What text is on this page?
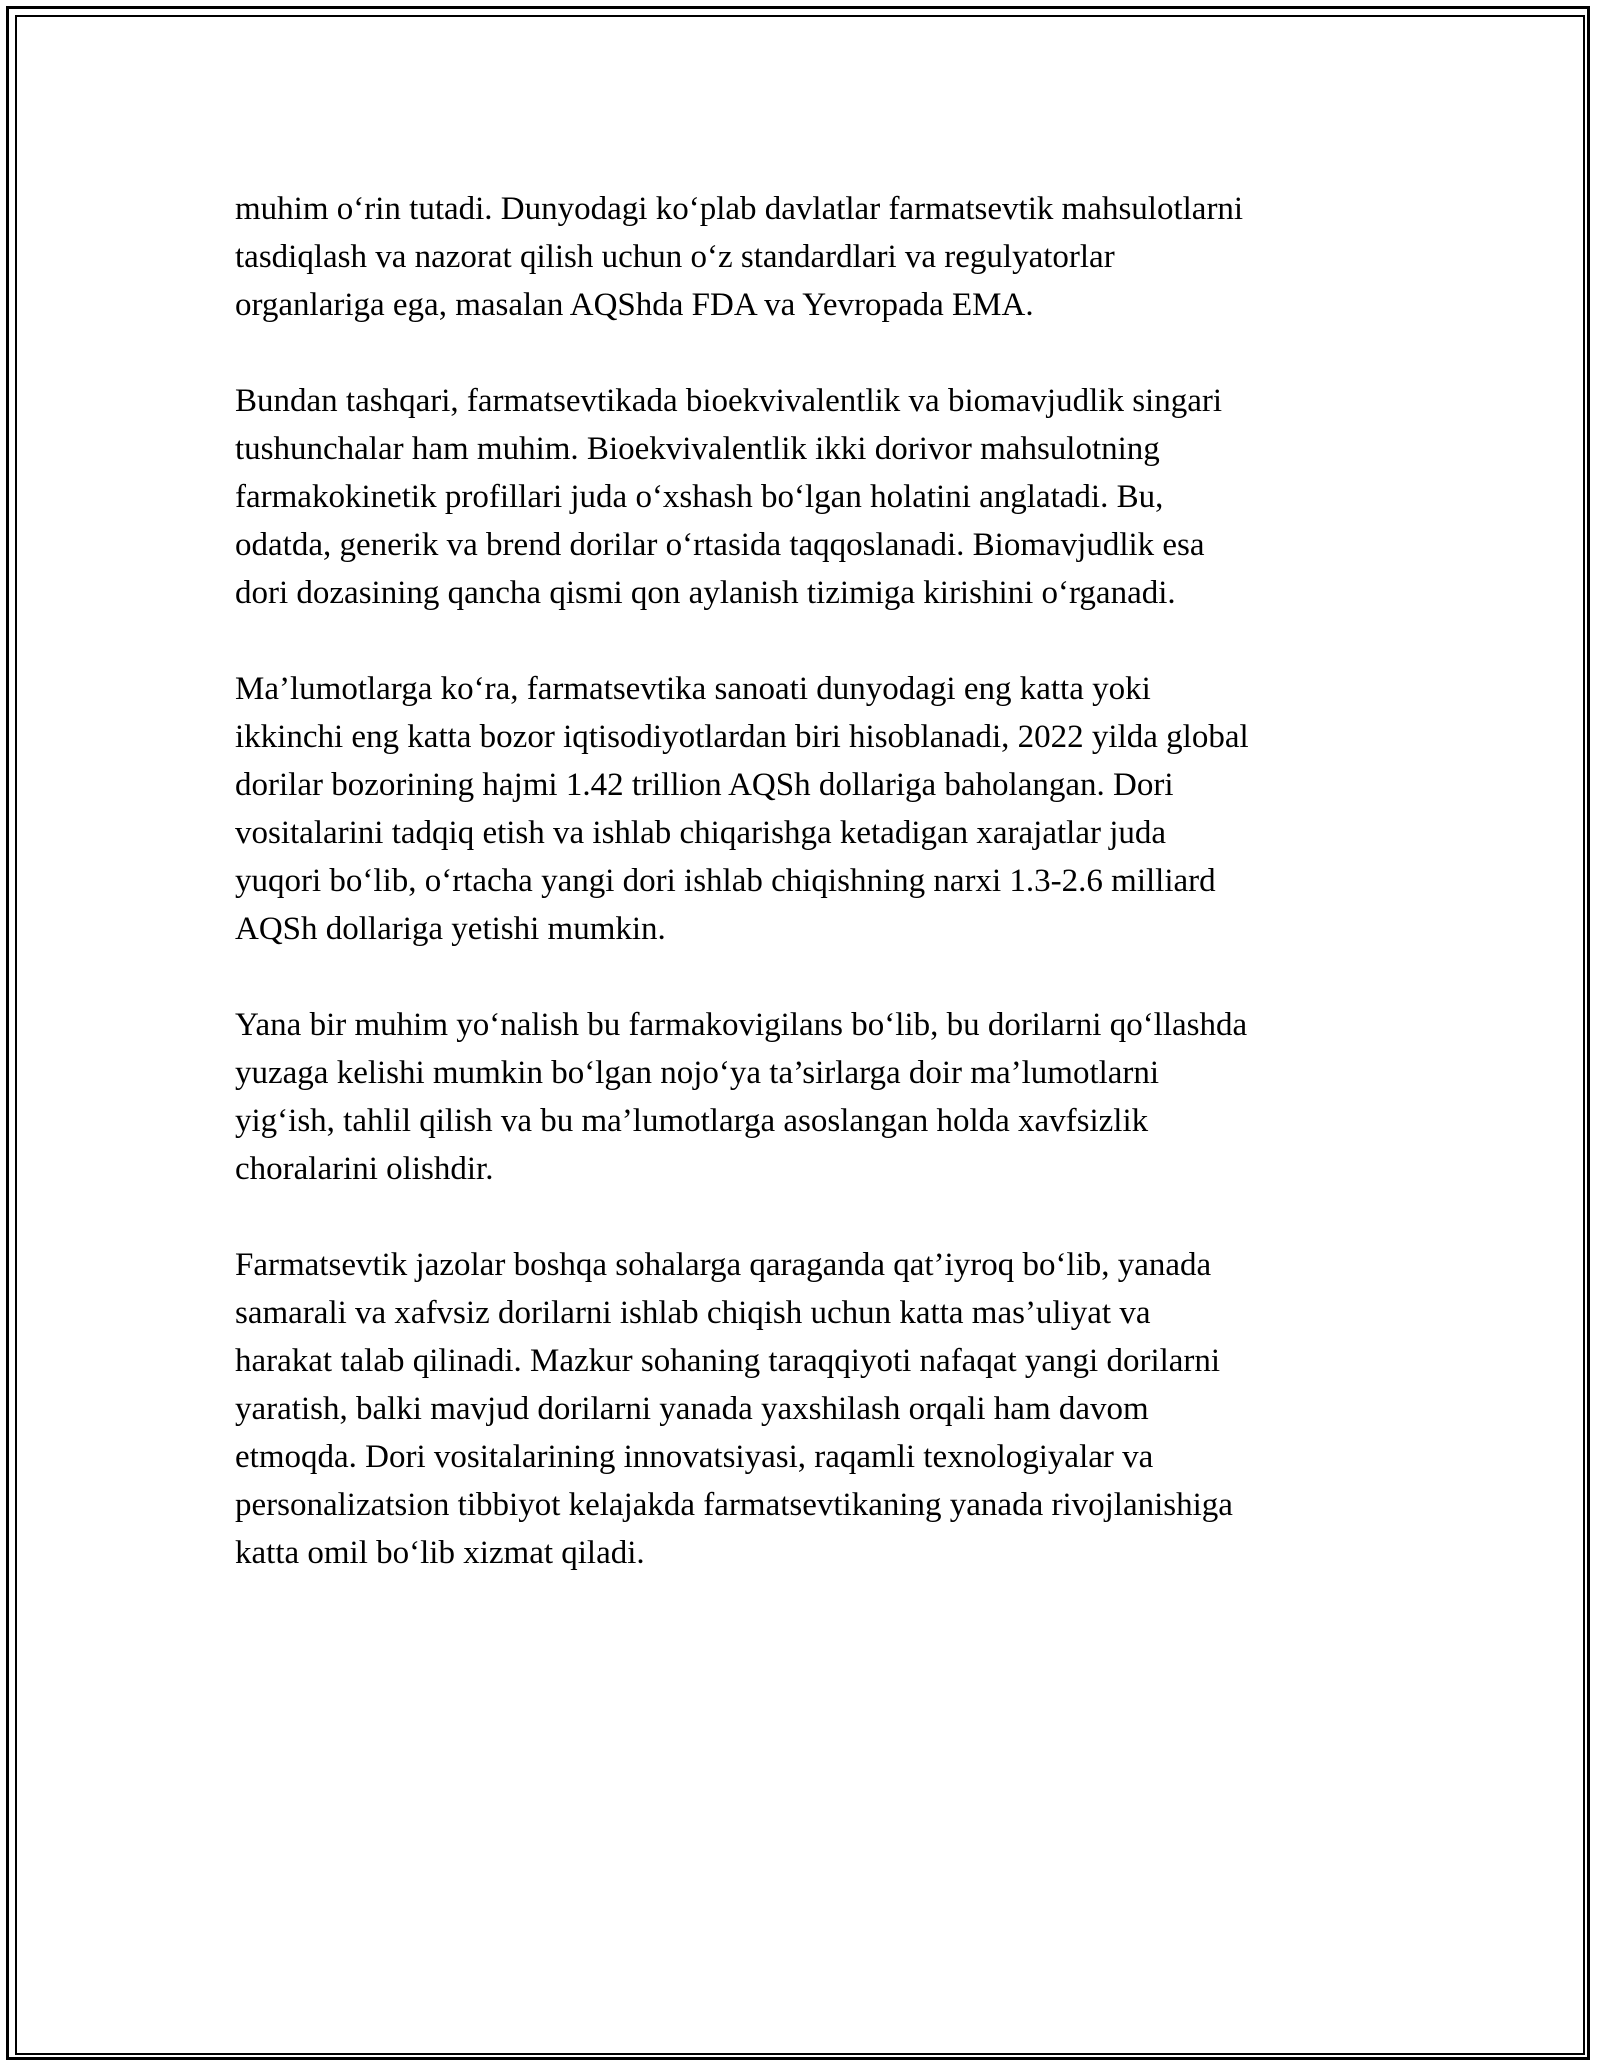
muhim o‘rin tutadi. Dunyodagi ko‘plab davlatlar farmatsevtik mahsulotlarni
tasdiqlash va nazorat qilish uchun o‘z standardlari va regulyatorlar
organlariga ega, masalan AQShda FDA va Yevropada EMA.

Bundan tashqari, farmatsevtikada bioekvivalentlik va biomavjudlik singari
tushunchalar ham muhim. Bioekvivalentlik ikki dorivor mahsulotning
farmakokinetik profillari juda o‘xshash bo‘lgan holatini anglatadi. Bu,
odatda, generik va brend dorilar o‘rtasida taqqoslanadi. Biomavjudlik esa
dori dozasining qancha qismi qon aylanish tizimiga kirishini o‘rganadi.

Ma’lumotlarga ko‘ra, farmatsevtika sanoati dunyodagi eng katta yoki
ikkinchi eng katta bozor iqtisodiyotlardan biri hisoblanadi, 2022 yilda global
dorilar bozorining hajmi 1.42 trillion AQSh dollariga baholangan. Dori
vositalarini tadqiq etish va ishlab chiqarishga ketadigan xarajatlar juda
yuqori bo‘lib, o‘rtacha yangi dori ishlab chiqishning narxi 1.3-2.6 milliard
AQSh dollariga yetishi mumkin.

Yana bir muhim yo‘nalish bu farmakovigilans bo‘lib, bu dorilarni qo‘llashda
yuzaga kelishi mumkin bo‘lgan nojo‘ya ta’sirlarga doir ma’lumotlarni
yig‘ish, tahlil qilish va bu ma’lumotlarga asoslangan holda xavfsizlik
choralarini olishdir.

Farmatsevtik jazolar boshqa sohalarga qaraganda qat’iyroq bo‘lib, yanada
samarali va xafvsiz dorilarni ishlab chiqish uchun katta mas’uliyat va
harakat talab qilinadi. Mazkur sohaning taraqqiyoti nafaqat yangi dorilarni
yaratish, balki mavjud dorilarni yanada yaxshilash orqali ham davom
etmoqda. Dori vositalarining innovatsiyasi, raqamli texnologiyalar va
personalizatsion tibbiyot kelajakda farmatsevtikaning yanada rivojlanishiga
katta omil bo‘lib xizmat qiladi.
